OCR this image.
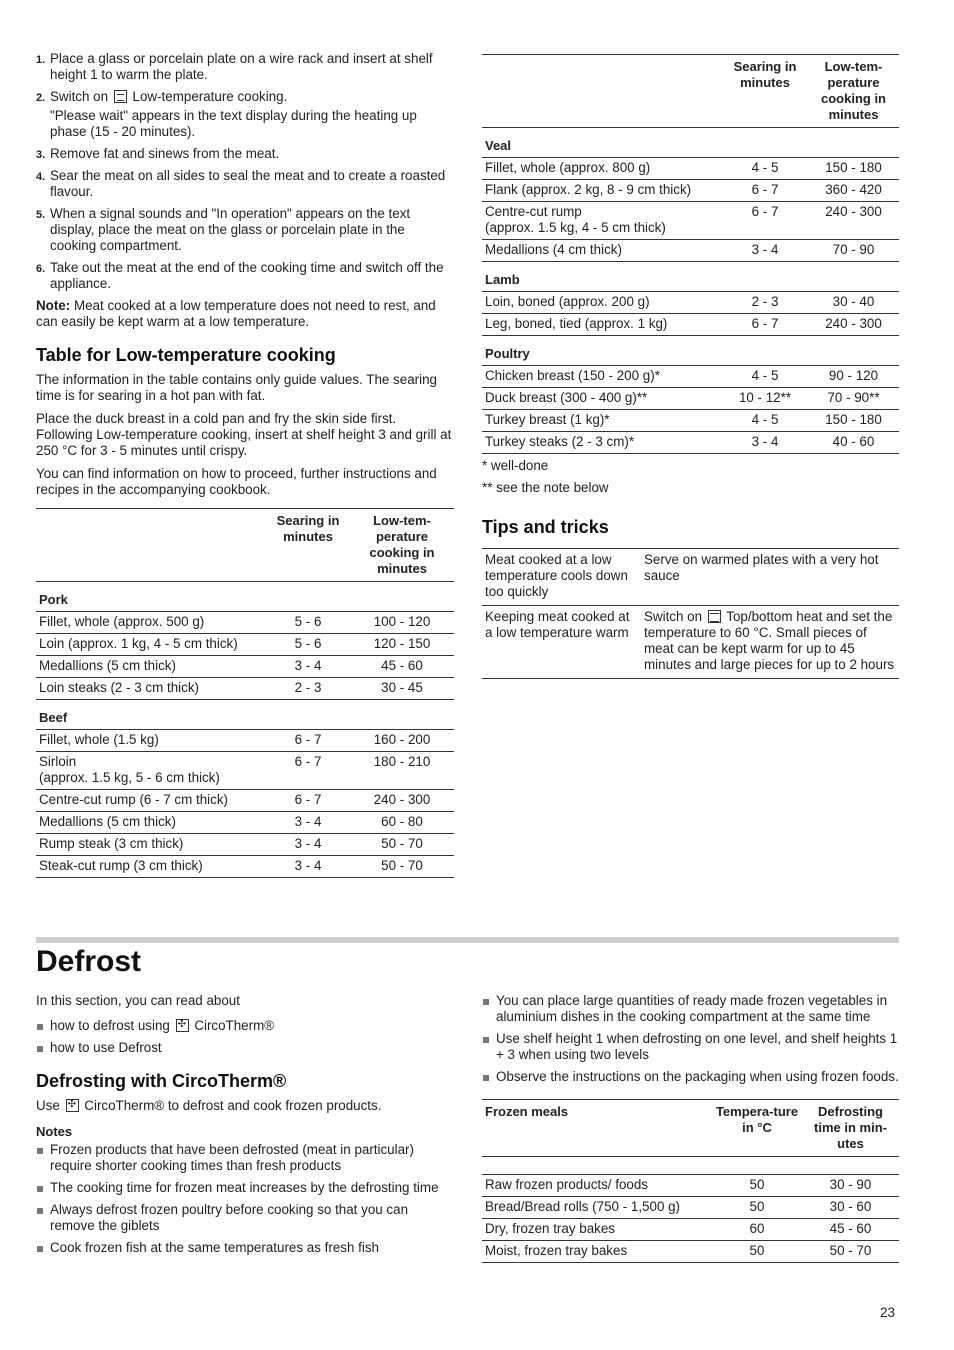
1. Place a glass or porcelain plate on a wire rack and insert at shelf height 1 to warm the plate.
2. Switch on Low-temperature cooking.
"Please wait" appears in the text display during the heating up phase (15 - 20 minutes).
3. Remove fat and sinews from the meat.
4. Sear the meat on all sides to seal the meat and to create a roasted flavour.
5. When a signal sounds and "In operation" appears on the text display, place the meat on the glass or porcelain plate in the cooking compartment.
6. Take out the meat at the end of the cooking time and switch off the appliance.

Note: Meat cooked at a low temperature does not need to rest, and can easily be kept warm at a low temperature.

Table for Low-temperature cooking

The information in the table contains only guide values. The searing time is for searing in a hot pan with fat.

Place the duck breast in a cold pan and fry the skin side first. Following Low-temperature cooking, insert at shelf height 3 and grill at 250 °C for 3 - 5 minutes until crispy.

You can find information on how to proceed, further instructions and recipes in the accompanying cookbook.

	Searing in minutes	Low-tem-perature cooking in minutes
Pork		
Fillet, whole (approx. 500 g)	5 - 6	100 - 120
Loin (approx. 1 kg, 4 - 5 cm thick)	5 - 6	120 - 150
Medallions (5 cm thick)	3 - 4	45 - 60
Loin steaks (2 - 3 cm thick)	2 - 3	30 - 45
Beef		
Fillet, whole (1.5 kg)	6 - 7	160 - 200
Sirloin
(approx. 1.5 kg, 5 - 6 cm thick)	6 - 7	180 - 210
Centre-cut rump (6 - 7 cm thick)	6 - 7	240 - 300
Medallions (5 cm thick)	3 - 4	60 - 80
Rump steak (3 cm thick)	3 - 4	50 - 70
Steak-cut rump (3 cm thick)	3 - 4	50 - 70
	Searing in minutes	Low-tem-perature cooking in minutes
Veal		
Fillet, whole (approx. 800 g)	4 - 5	150 - 180
Flank (approx. 2 kg, 8 - 9 cm thick)	6 - 7	360 - 420
Centre-cut rump
(approx. 1.5 kg, 4 - 5 cm thick)	6 - 7	240 - 300
Medallions (4 cm thick)	3 - 4	70 - 90
Lamb		
Loin, boned (approx. 200 g)	2 - 3	30 - 40
Leg, boned, tied (approx. 1 kg)	6 - 7	240 - 300
Poultry		
Chicken breast (150 - 200 g)*	4 - 5	90 - 120
Duck breast (300 - 400 g)**	10 - 12**	70 - 90**
Turkey breast (1 kg)*	4 - 5	150 - 180
Turkey steaks (2 - 3 cm)*	3 - 4	40 - 60
* well-done
** see the note below
Tips and tricks
Meat cooked at a low temperature cools down too quickly	Serve on warmed plates with a very hot sauce
Keeping meat cooked at a low temperature warm	Switch on Top/bottom heat and set the temperature to 60 °C. Small pieces of meat can be kept warm for up to 45 minutes and large pieces for up to 2 hours
Defrost

In this section, you can read about

how to defrost using ✣ CircoTherm®
how to use Defrost
Defrosting with CircoTherm®

Use ✣ CircoTherm® to defrost and cook frozen products.

Notes
Frozen products that have been defrosted (meat in particular) require shorter cooking times than fresh products
The cooking time for frozen meat increases by the defrosting time
Always defrost frozen poultry before cooking so that you can remove the giblets
Cook frozen fish at the same temperatures as fresh fish
You can place large quantities of ready made frozen vegetables in aluminium dishes in the cooking compartment at the same time
Use shelf height 1 when defrosting on one level, and shelf heights 1 + 3 when using two levels
Observe the instructions on the packaging when using frozen foods.
Frozen meals	Tempera-ture in °C	Defrosting time in min-utes

Raw frozen products/ foods	50	30 - 90
Bread/Bread rolls (750 - 1,500 g)	50	30 - 60
Dry, frozen tray bakes	60	45 - 60
Moist, frozen tray bakes	50	50 - 70
23
